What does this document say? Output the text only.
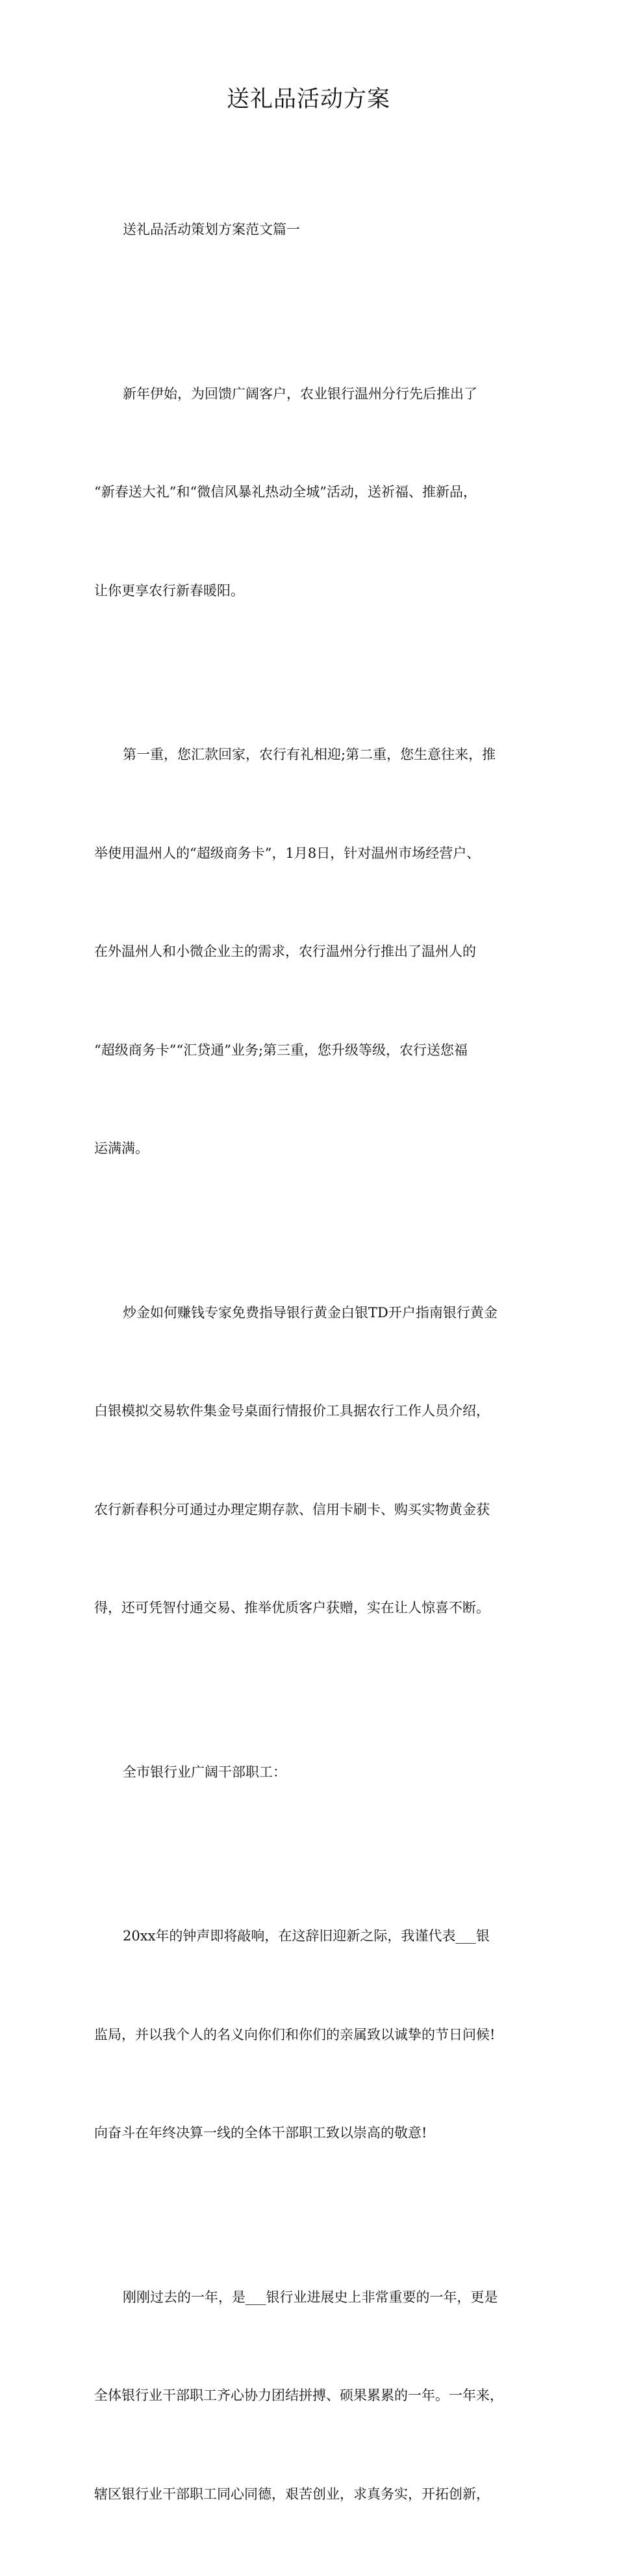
送礼品活动方案

送礼品活动策划方案范文篇一

新年伊始，为回馈广阔客户，农业银行温州分行先后推出了

“新春送大礼”和“微信风暴礼热动全城”活动，送祈福、推新品，

让你更享农行新春暖阳。

第一重，您汇款回家，农行有礼相迎;第二重，您生意往来，推

举使用温州人的“超级商务卡”，1月8日，针对温州市场经营户、

在外温州人和小微企业主的需求，农行温州分行推出了温州人的

“超级商务卡”“汇贷通”业务;第三重，您升级等级，农行送您福

运满满。

炒金如何赚钱专家免费指导银行黄金白银TD开户指南银行黄金

白银模拟交易软件集金号桌面行情报价工具据农行工作人员介绍，

农行新春积分可通过办理定期存款、信用卡刷卡、购买实物黄金获

得，还可凭智付通交易、推举优质客户获赠，实在让人惊喜不断。

全市银行业广阔干部职工：

20xx年的钟声即将敲响，在这辞旧迎新之际，我谨代表___银

监局，并以我个人的名义向你们和你们的亲属致以诚挚的节日问候!

向奋斗在年终决算一线的全体干部职工致以崇高的敬意!

刚刚过去的一年，是___银行业进展史上非常重要的一年，更是

全体银行业干部职工齐心协力团结拼搏、硕果累累的一年。一年来，

辖区银行业干部职工同心同德，艰苦创业，求真务实，开拓创新，
